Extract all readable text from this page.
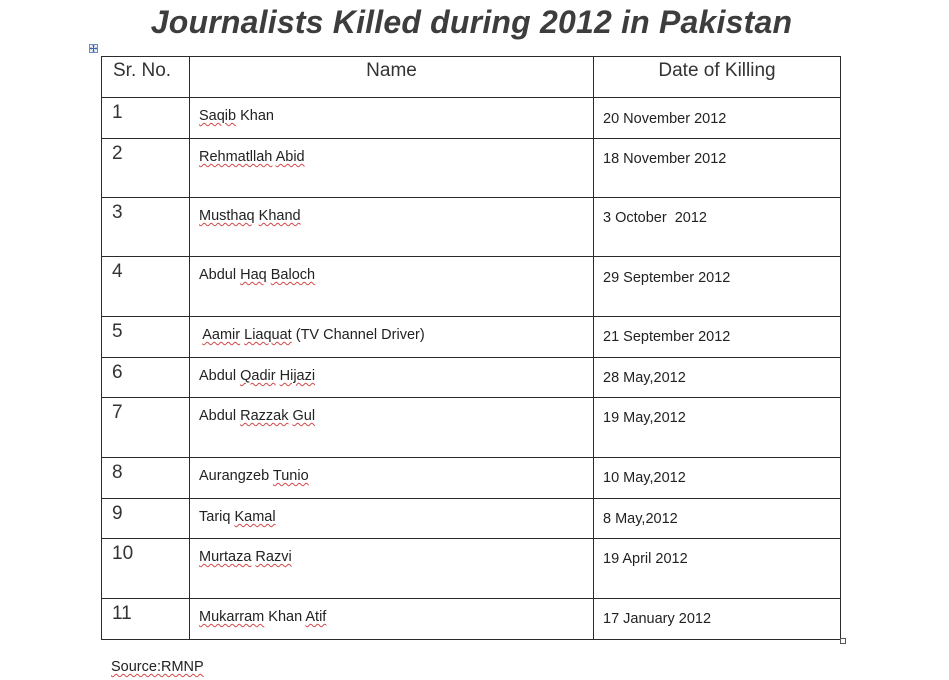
Journalists Killed during 2012 in Pakistan
Sr. No.	Name	Date of Killing
1	Saqib Khan	20 November 2012
2	Rehmatllah Abid	18 November 2012
3	Musthaq Khand	3 October  2012
4	Abdul Haq Baloch	29 September 2012
5	Aamir Liaquat (TV Channel Driver)	21 September 2012
6	Abdul Qadir Hijazi	28 May,2012
7	Abdul Razzak Gul	19 May,2012
8	Aurangzeb Tunio	10 May,2012
9	Tariq Kamal	8 May,2012
10	Murtaza Razvi	19 April 2012
11	Mukarram Khan Atif	17 January 2012
Source:RMNP
